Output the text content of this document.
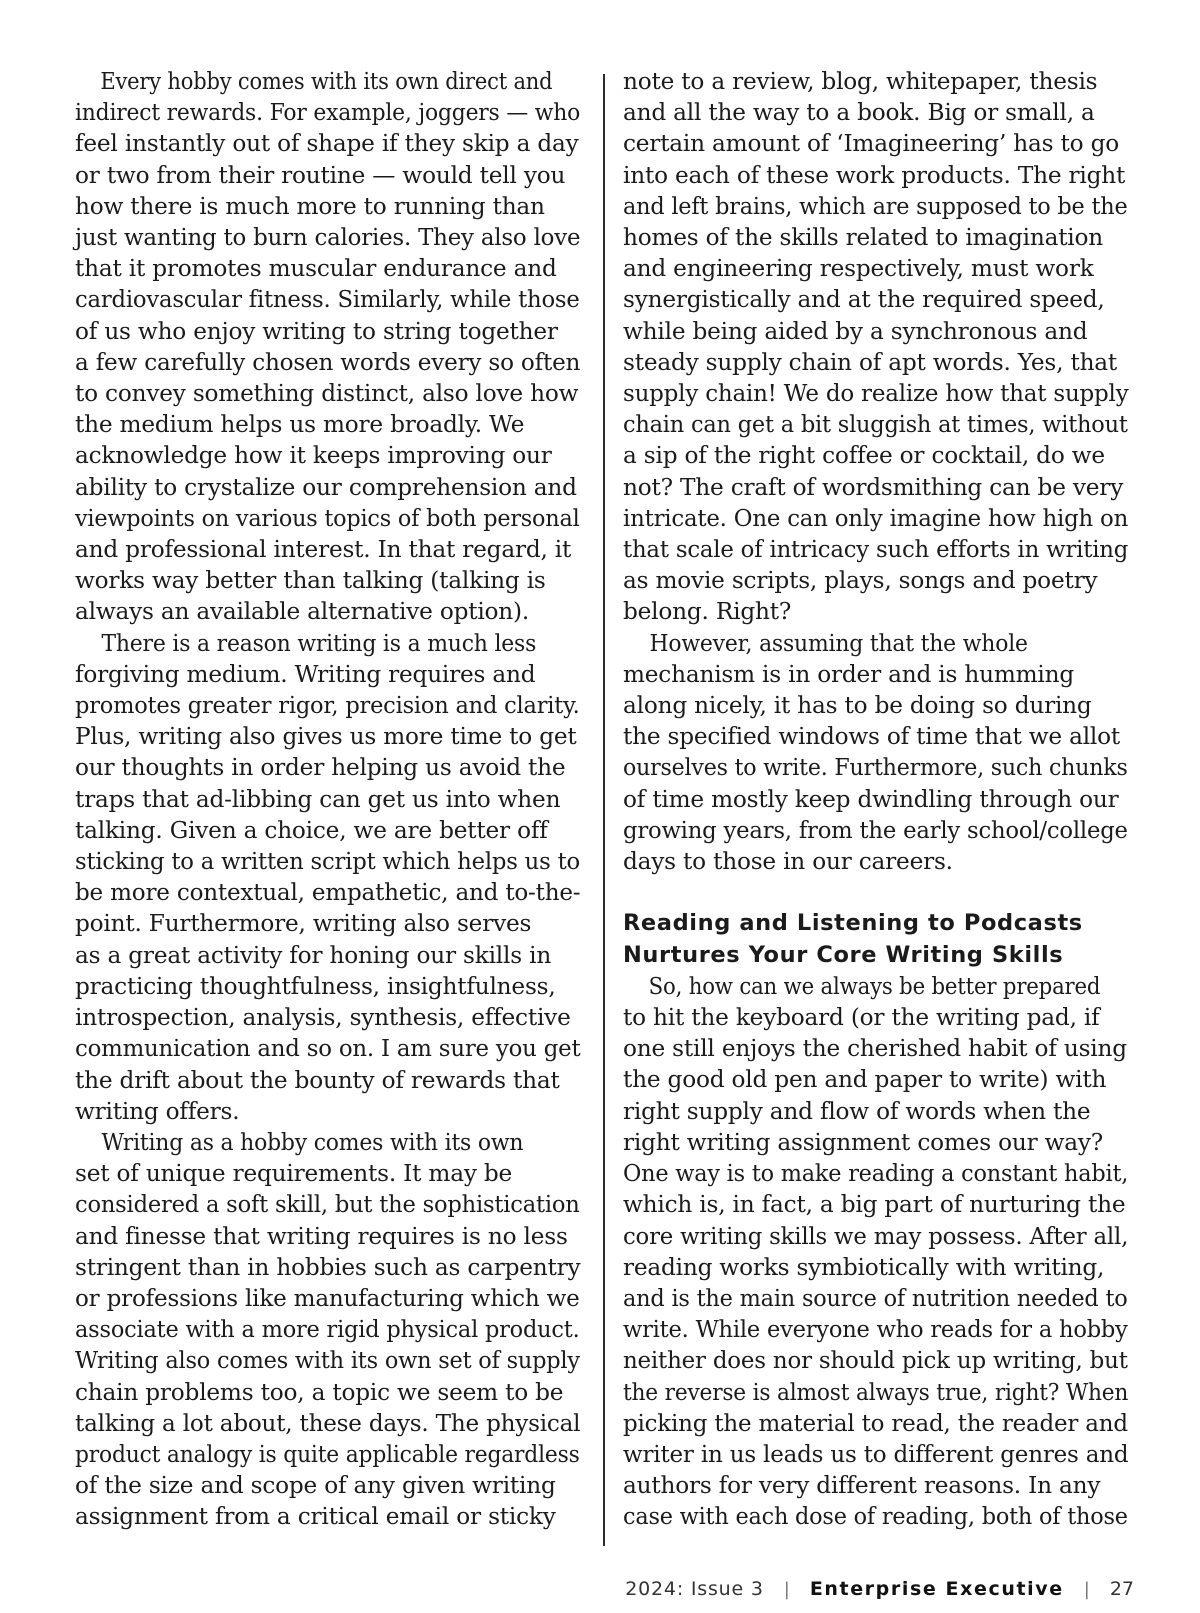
Every hobby comes with its own direct and
indirect rewards. For example, joggers — who
feel instantly out of shape if they skip a day
or two from their routine — would tell you
how there is much more to running than
just wanting to burn calories. They also love
that it promotes muscular endurance and
cardiovascular fitness. Similarly, while those
of us who enjoy writing to string together
a few carefully chosen words every so often
to convey something distinct, also love how
the medium helps us more broadly. We
acknowledge how it keeps improving our
ability to crystalize our comprehension and
viewpoints on various topics of both personal
and professional interest. In that regard, it
works way better than talking (talking is
always an available alternative option).
There is a reason writing is a much less
forgiving medium. Writing requires and
promotes greater rigor, precision and clarity.
Plus, writing also gives us more time to get
our thoughts in order helping us avoid the
traps that ad-libbing can get us into when
talking. Given a choice, we are better off
sticking to a written script which helps us to
be more contextual, empathetic, and to-the-
point. Furthermore, writing also serves
as a great activity for honing our skills in
practicing thoughtfulness, insightfulness,
introspection, analysis, synthesis, effective
communication and so on. I am sure you get
the drift about the bounty of rewards that
writing offers.
Writing as a hobby comes with its own
set of unique requirements. It may be
considered a soft skill, but the sophistication
and finesse that writing requires is no less
stringent than in hobbies such as carpentry
or professions like manufacturing which we
associate with a more rigid physical product.
Writing also comes with its own set of supply
chain problems too, a topic we seem to be
talking a lot about, these days. The physical
product analogy is quite applicable regardless
of the size and scope of any given writing
assignment from a critical email or sticky
note to a review, blog, whitepaper, thesis
and all the way to a book. Big or small, a
certain amount of ‘Imagineering’ has to go
into each of these work products. The right
and left brains, which are supposed to be the
homes of the skills related to imagination
and engineering respectively, must work
synergistically and at the required speed,
while being aided by a synchronous and
steady supply chain of apt words. Yes, that
supply chain! We do realize how that supply
chain can get a bit sluggish at times, without
a sip of the right coffee or cocktail, do we
not? The craft of wordsmithing can be very
intricate. One can only imagine how high on
that scale of intricacy such efforts in writing
as movie scripts, plays, songs and poetry
belong. Right?
However, assuming that the whole
mechanism is in order and is humming
along nicely, it has to be doing so during
the specified windows of time that we allot
ourselves to write. Furthermore, such chunks
of time mostly keep dwindling through our
growing years, from the early school/college
days to those in our careers.
Reading and Listening to Podcasts
Nurtures Your Core Writing Skills
So, how can we always be better prepared
to hit the keyboard (or the writing pad, if
one still enjoys the cherished habit of using
the good old pen and paper to write) with
right supply and flow of words when the
right writing assignment comes our way?
One way is to make reading a constant habit,
which is, in fact, a big part of nurturing the
core writing skills we may possess. After all,
reading works symbiotically with writing,
and is the main source of nutrition needed to
write. While everyone who reads for a hobby
neither does nor should pick up writing, but
the reverse is almost always true, right? When
picking the material to read, the reader and
writer in us leads us to different genres and
authors for very different reasons. In any
case with each dose of reading, both of those
2024: Issue 3 | Enterprise Executive | 27
